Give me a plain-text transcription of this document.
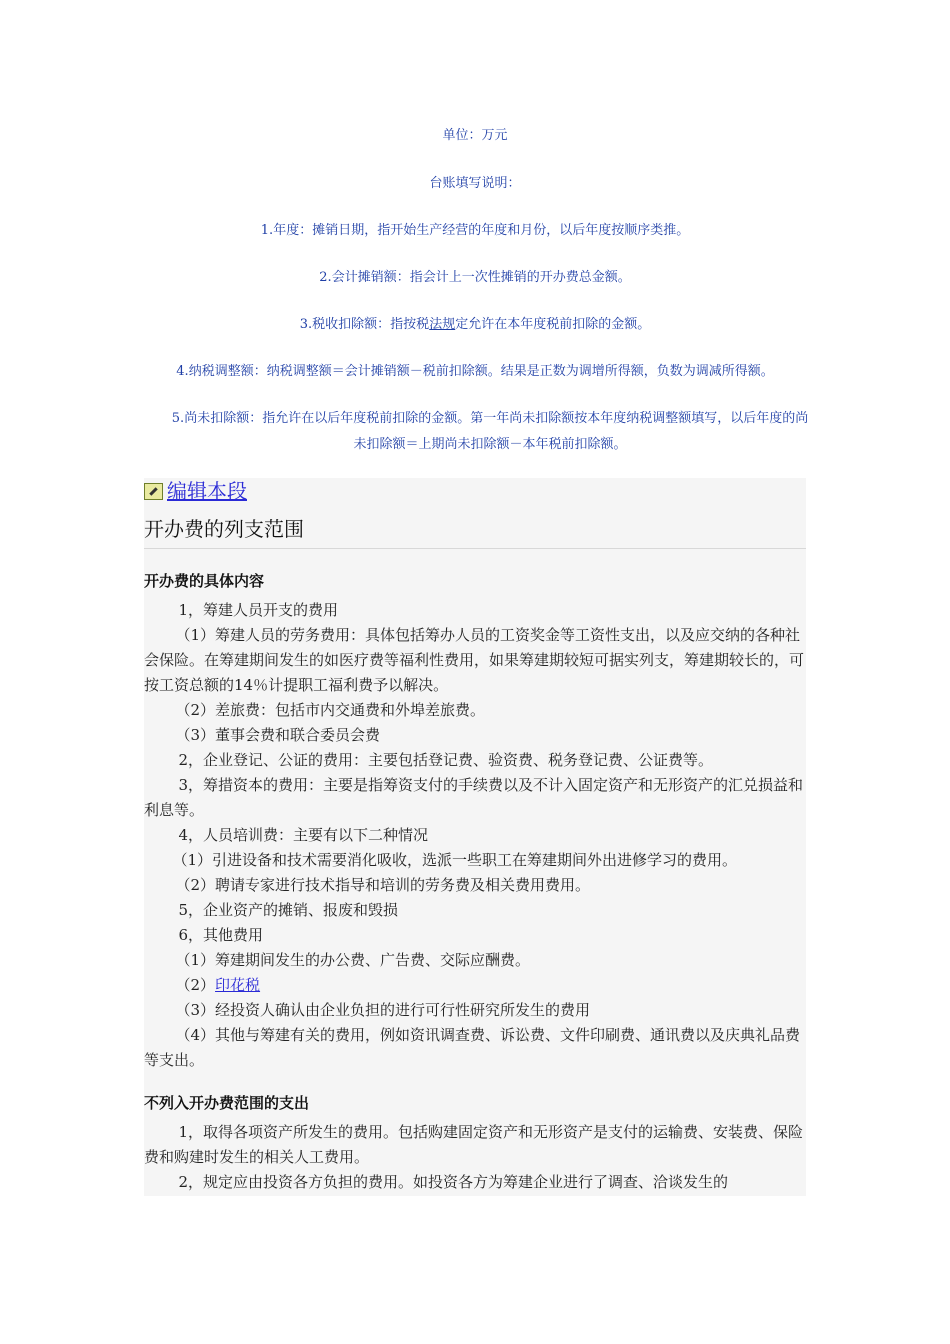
单位：万元
台账填写说明：
1.年度：摊销日期，指开始生产经营的年度和月份，以后年度按顺序类推。
2.会计摊销额：指会计上一次性摊销的开办费总金额。
3.税收扣除额：指按税法规定允许在本年度税前扣除的金额。
4.纳税调整额：纳税调整额＝会计摊销额－税前扣除额。结果是正数为调增所得额，负数为调减所得额。
5.尚未扣除额：指允许在以后年度税前扣除的金额。第一年尚未扣除额按本年度纳税调整额填写，以后年度的尚未扣除额＝上期尚未扣除额－本年税前扣除额。
编辑本段
开办费的列支范围
开办费的具体内容

1，筹建人员开支的费用

（1）筹建人员的劳务费用：具体包括筹办人员的工资奖金等工资性支出，以及应交纳的各种社会保险。在筹建期间发生的如医疗费等福利性费用，如果筹建期较短可据实列支，筹建期较长的，可按工资总额的14％计提职工福利费予以解决。

（2）差旅费：包括市内交通费和外埠差旅费。

（3）董事会费和联合委员会费

2，企业登记、公证的费用：主要包括登记费、验资费、税务登记费、公证费等。

3，筹措资本的费用：主要是指筹资支付的手续费以及不计入固定资产和无形资产的汇兑损益和利息等。

4，人员培训费：主要有以下二种情况

（1）引进设备和技术需要消化吸收，选派一些职工在筹建期间外出进修学习的费用。

（2）聘请专家进行技术指导和培训的劳务费及相关费用费用。

5，企业资产的摊销、报废和毁损

6，其他费用

（1）筹建期间发生的办公费、广告费、交际应酬费。

（2）印花税

（3）经投资人确认由企业负担的进行可行性研究所发生的费用

（4）其他与筹建有关的费用，例如资讯调查费、诉讼费、文件印刷费、通讯费以及庆典礼品费等支出。

不列入开办费范围的支出

1，取得各项资产所发生的费用。包括购建固定资产和无形资产是支付的运输费、安装费、保险费和购建时发生的相关人工费用。

2，规定应由投资各方负担的费用。如投资各方为筹建企业进行了调查、洽谈发生的
